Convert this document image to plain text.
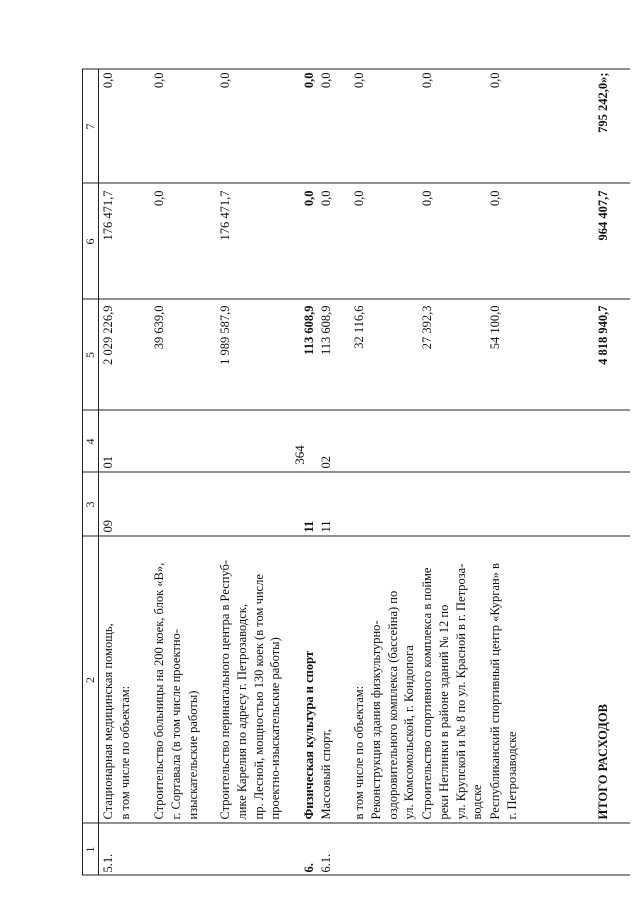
364
1
2
3
4
5
6
7
5.1.
Стационарная медицинская помощь,
в том числе по объектам:
09
01
2 029 226,9
176 471,7
0,0
Строительство больницы на 200 коек, блок «В»,
г. Сортавала (в том числе проектно-
изыскательские работы)
39 639,0
0,0
0,0
Строительство перинатального центра в Респуб-
лике Карелия по адресу г. Петрозаводск,
пр. Лесной, мощностью 130 коек (в том числе
проектно-изыскательские работы)
1 989 587,9
176 471,7
0,0
6.
Физическая культура и спорт
11
113 608,9
0,0
0,0
6.1.
Массовый спорт,
11
02
113 608,9
0,0
0,0
в том числе по объектам:
Реконструкция здания физкультурно-
оздоровительного комплекса (бассейна) по
ул. Комсомольской, г. Кондопога
32 116,6
0,0
0,0
Строительство спортивного комплекса в пойме
реки Неглинки в районе зданий № 12 по
ул. Крупской и № 8 по ул. Красной в г. Петроза-
водске
27 392,3
0,0
0,0
Республиканский спортивный центр «Курган» в
г. Петрозаводске
54 100,0
0,0
0,0
ИТОГО РАСХОДОВ
4 818 940,7
964 407,7
795 242,0»;
